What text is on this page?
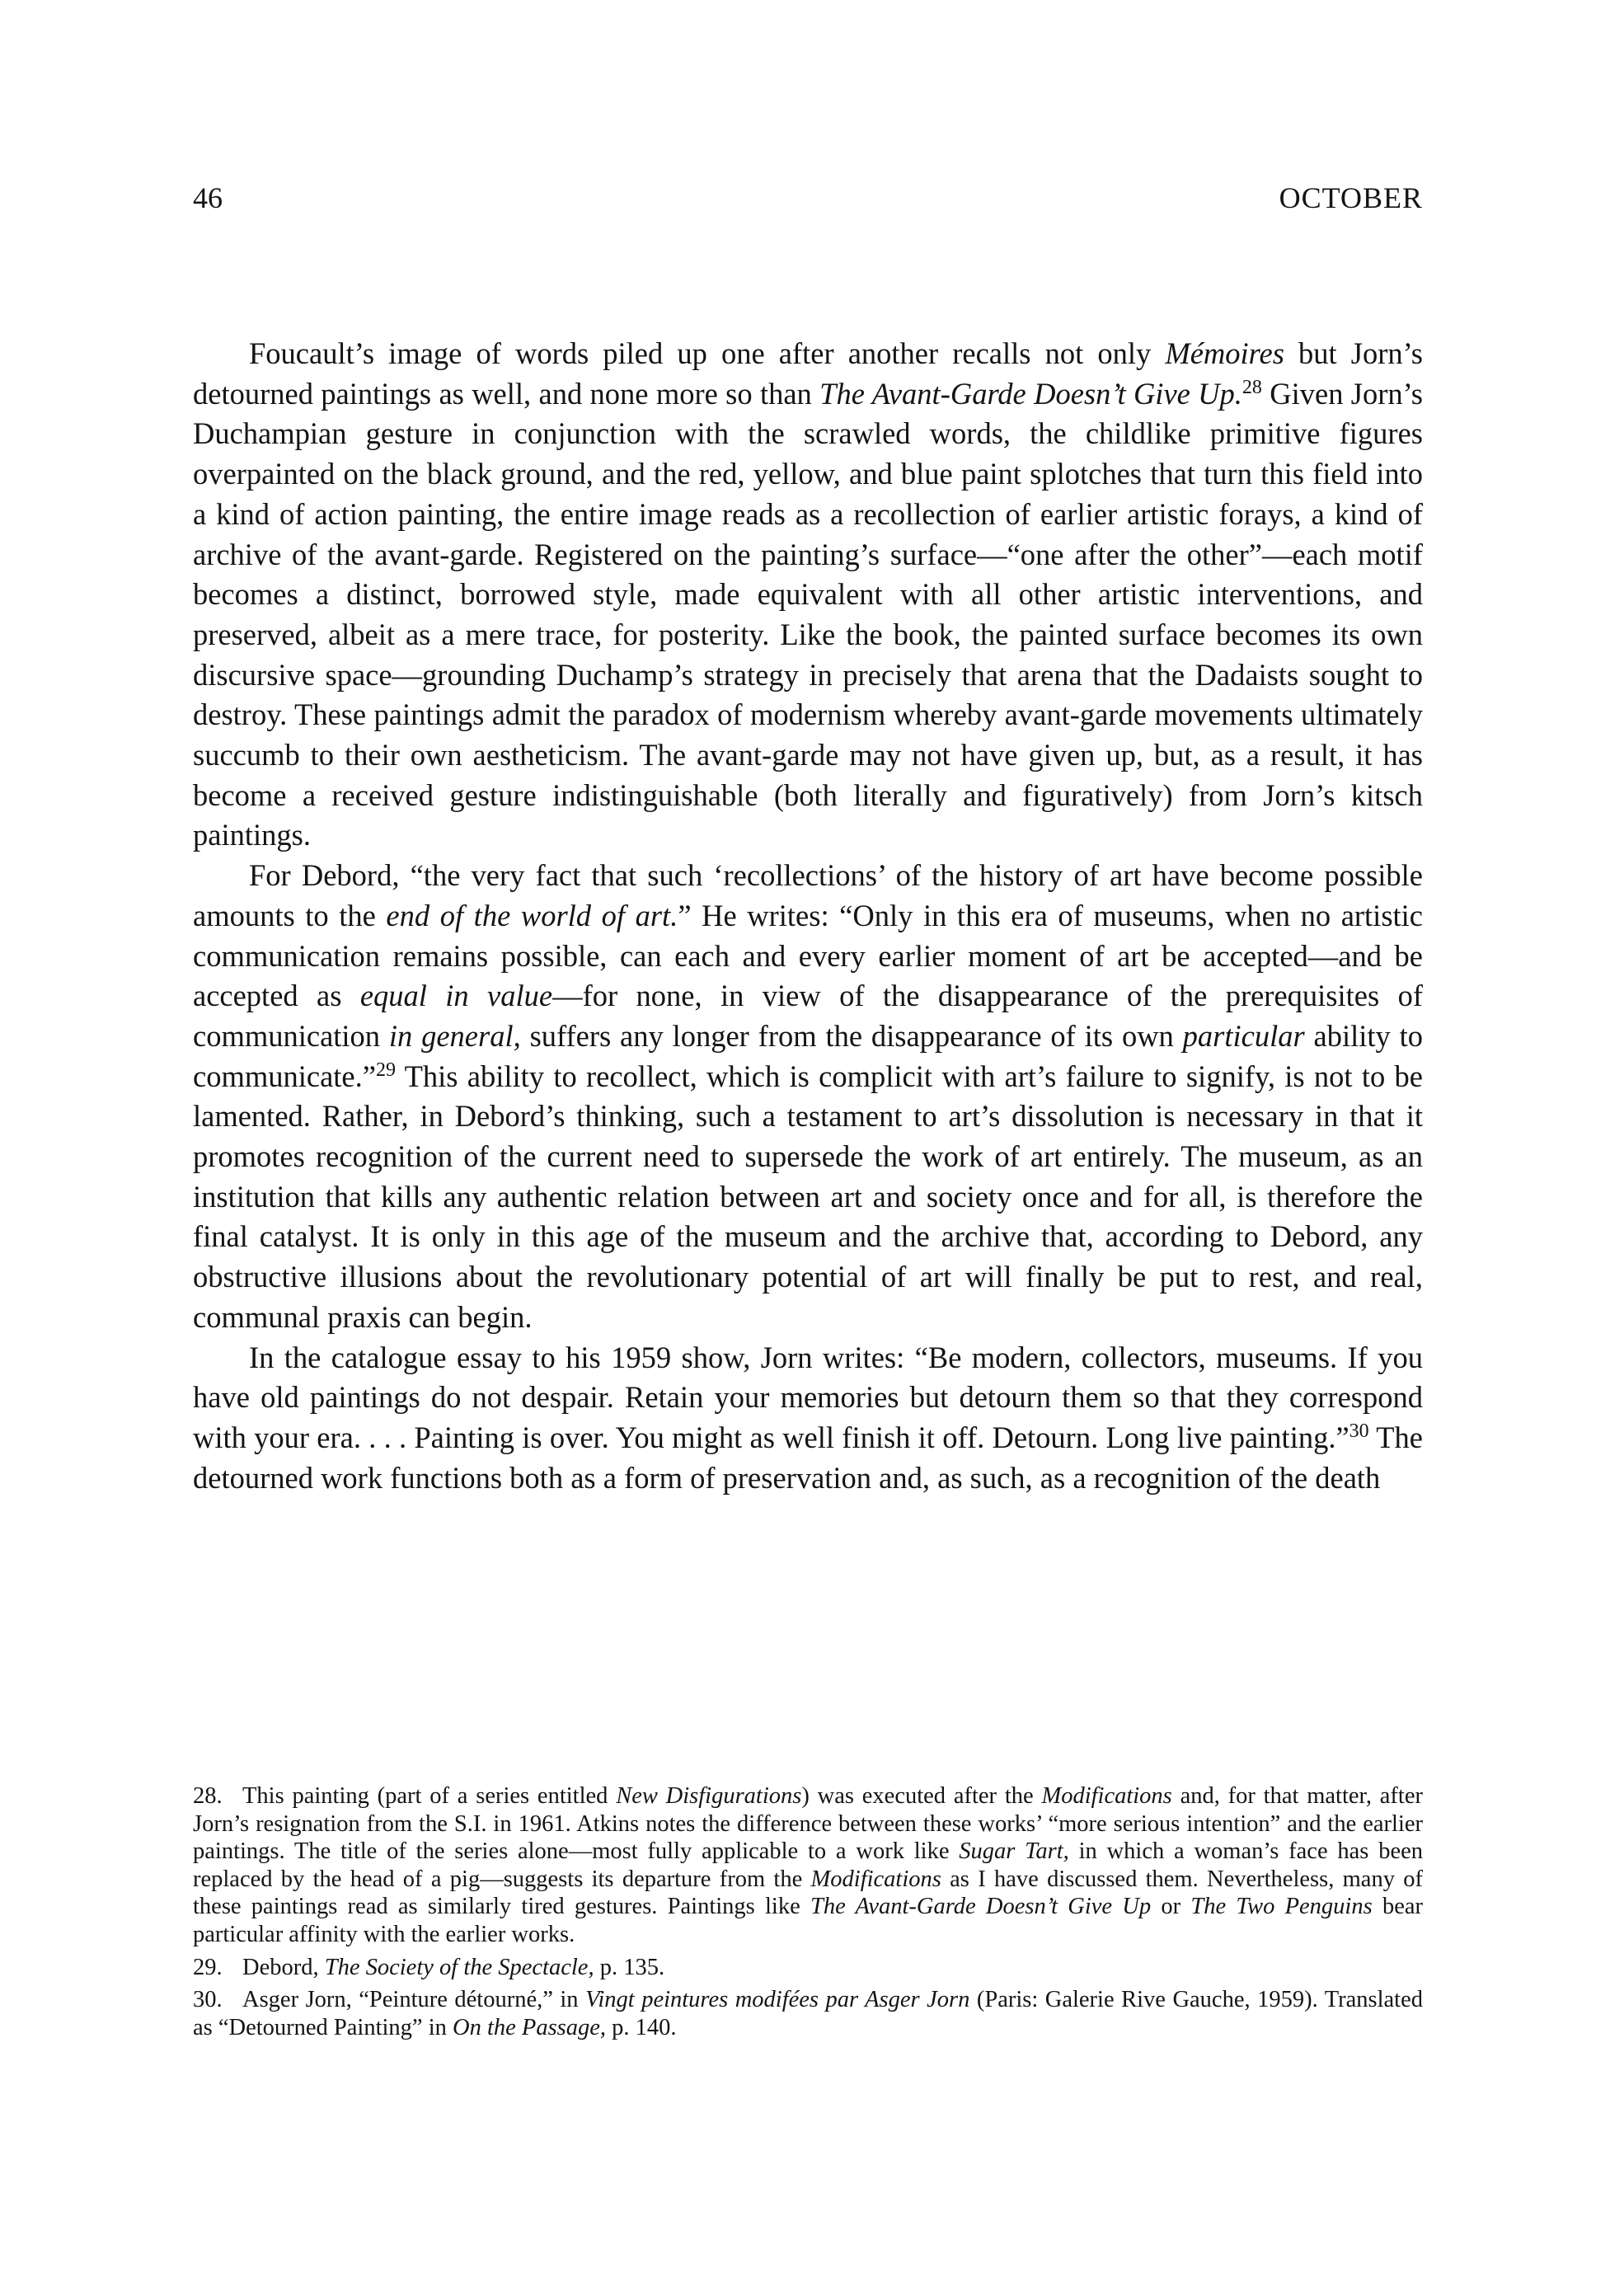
46	OCTOBER

Foucault’s image of words piled up one after another recalls not only Mémoires but Jorn’s detourned paintings as well, and none more so than The Avant-Garde Doesn’t Give Up.$^{28}$ Given Jorn’s Duchampian gesture in conjunction with the scrawled words, the childlike primitive figures overpainted on the black ground, and the red, yellow, and blue paint splotches that turn this field into a kind of action painting, the entire image reads as a recollection of earlier artistic forays, a kind of archive of the avant-garde. Registered on the painting’s surface—“one after the other”—each motif becomes a distinct, borrowed style, made equivalent with all other artistic interventions, and preserved, albeit as a mere trace, for posterity. Like the book, the painted surface becomes its own discursive space—grounding Duchamp’s strategy in precisely that arena that the Dadaists sought to destroy. These paintings admit the paradox of modernism whereby avant-garde movements ultimately succumb to their own aestheticism. The avant-garde may not have given up, but, as a result, it has become a received gesture indistinguishable (both literally and figuratively) from Jorn’s kitsch paintings.

For Debord, “the very fact that such ‘recollections’ of the history of art have become possible amounts to the end of the world of art.” He writes: “Only in this era of museums, when no artistic communication remains possible, can each and every earlier moment of art be accepted—and be accepted as equal in value—for none, in view of the disappearance of the prerequisites of communication in general, suffers any longer from the disappearance of its own particular ability to communicate.”$^{29}$ This ability to recollect, which is complicit with art’s failure to signify, is not to be lamented. Rather, in Debord’s thinking, such a testament to art’s dissolution is necessary in that it promotes recognition of the current need to supersede the work of art entirely. The museum, as an institution that kills any authentic relation between art and society once and for all, is therefore the final catalyst. It is only in this age of the museum and the archive that, according to Debord, any obstructive illusions about the revolutionary potential of art will finally be put to rest, and real, communal praxis can begin.

In the catalogue essay to his 1959 show, Jorn writes: “Be modern, collectors, museums. If you have old paintings do not despair. Retain your memories but detourn them so that they correspond with your era. . . . Painting is over. You might as well finish it off. Detourn. Long live painting.”$^{30}$ The detourned work functions both as a form of preservation and, as such, as a recognition of the death

28. This painting (part of a series entitled New Disfigurations) was executed after the Modifications and, for that matter, after Jorn’s resignation from the S.I. in 1961. Atkins notes the difference between these works’ “more serious intention” and the earlier paintings. The title of the series alone—most fully applicable to a work like Sugar Tart, in which a woman’s face has been replaced by the head of a pig—suggests its departure from the Modifications as I have discussed them. Nevertheless, many of these paintings read as similarly tired gestures. Paintings like The Avant-Garde Doesn’t Give Up or The Two Penguins bear particular affinity with the earlier works.
29. Debord, The Society of the Spectacle, p. 135.
30. Asger Jorn, “Peinture détourné,” in Vingt peintures modifées par Asger Jorn (Paris: Galerie Rive Gauche, 1959). Translated as “Detourned Painting” in On the Passage, p. 140.
